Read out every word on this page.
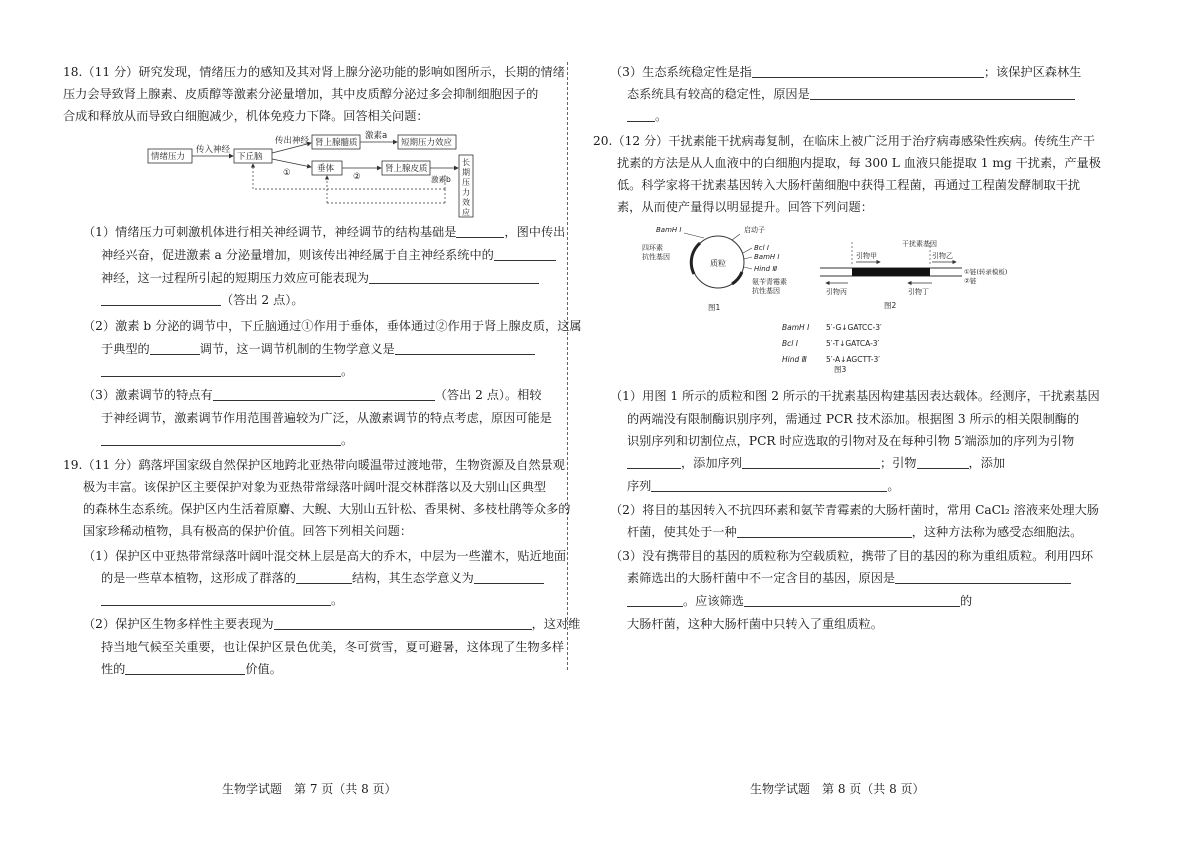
18.（11 分）研究发现，情绪压力的感知及其对肾上腺分泌功能的影响如图所示，长期的情绪
压力会导致肾上腺素、皮质醇等激素分泌量增加，其中皮质醇分泌过多会抑制细胞因子的
合成和释放从而导致白细胞减少，机体免疫力下降。回答相关问题：
情绪压力
传入神经
下丘脑
传出神经 肾上腺髓质
激素a
短期压力效应
①	垂体
②
肾上腺皮质
激素b
长
期
压
力
效
应
（1）情绪压力可刺激机体进行相关神经调节，神经调节的结构基础是	，图中传出
神经兴奋，促进激素 a 分泌量增加，则该传出神经属于自主神经系统中的
神经，这一过程所引起的短期压力效应可能表现为
（答出 2 点）。
（2）激素 b 分泌的调节中，下丘脑通过①作用于垂体，垂体通过②作用于肾上腺皮质，这属
于典型的	调节，这一调节机制的生物学意义是
。
（3）激素调节的特点有	（答出 2 点）。相较
于神经调节，激素调节作用范围普遍较为广泛，从激素调节的特点考虑，原因可能是
。
19.（11 分）鹞落坪国家级自然保护区地跨北亚热带向暖温带过渡地带，生物资源及自然景观
极为丰富。该保护区主要保护对象为亚热带常绿落叶阔叶混交林群落以及大别山区典型
的森林生态系统。保护区内生活着原麝、大鲵、大别山五针松、香果树、多枝杜鹃等众多的
国家珍稀动植物，具有极高的保护价值。回答下列相关问题：
（1）保护区中亚热带常绿落叶阔叶混交林上层是高大的乔木，中层为一些灌木，贴近地面
的是一些草本植物，这形成了群落的	结构，其生态学意义为
。
（2）保护区生物多样性主要表现为	，这对维
持当地气候至关重要，也让保护区景色优美，冬可赏雪，夏可避暑，这体现了生物多样
性的	价值。
生物学试题　第 7 页（共 8 页）
（3）生态系统稳定性是指	；该保护区森林生
态系统具有较高的稳定性，原因是
。
20.（12 分）干扰素能干扰病毒复制，在临床上被广泛用于治疗病毒感染性疾病。传统生产干
扰素的方法是从人血液中的白细胞内提取，每 300 L 血液只能提取 1 mg 干扰素，产量极
低。科学家将干扰素基因转入大肠杆菌细胞中获得工程菌，再通过工程菌发酵制取干扰
素，从而使产量得以明显提升。回答下列问题：
质粒
BamH Ⅰ	启动子
四环素
抗性基因
Bcl Ⅰ
BamH Ⅰ
Hind Ⅲ
氨苄青霉素
抗性基因
图1
干扰素基因
引物甲	引物乙
①链(转录模板)
②链
引物丙	引物丁
图2
BamH Ⅰ 5′-G↓GATCC-3′
Bcl Ⅰ	5′-T↓GATCA-3′
Hind Ⅲ	5′-A↓AGCTT-3′
图3
（1）用图 1 所示的质粒和图 2 所示的干扰素基因构建基因表达载体。经测序，干扰素基因
的两端没有限制酶识别序列，需通过 PCR 技术添加。根据图 3 所示的相关限制酶的
识别序列和切割位点，PCR 时应选取的引物对及在每种引物 5′端添加的序列为引物
，添加序列	；引物	，添加
序列	。
（2）将目的基因转入不抗四环素和氨苄青霉素的大肠杆菌时，常用 CaCl₂ 溶液来处理大肠
杆菌，使其处于一种	，这种方法称为感受态细胞法。
（3）没有携带目的基因的质粒称为空载质粒，携带了目的基因的称为重组质粒。利用四环
素筛选出的大肠杆菌中不一定含目的基因，原因是
。应该筛选	的
大肠杆菌，这种大肠杆菌中只转入了重组质粒。
生物学试题　第 8 页（共 8 页）
